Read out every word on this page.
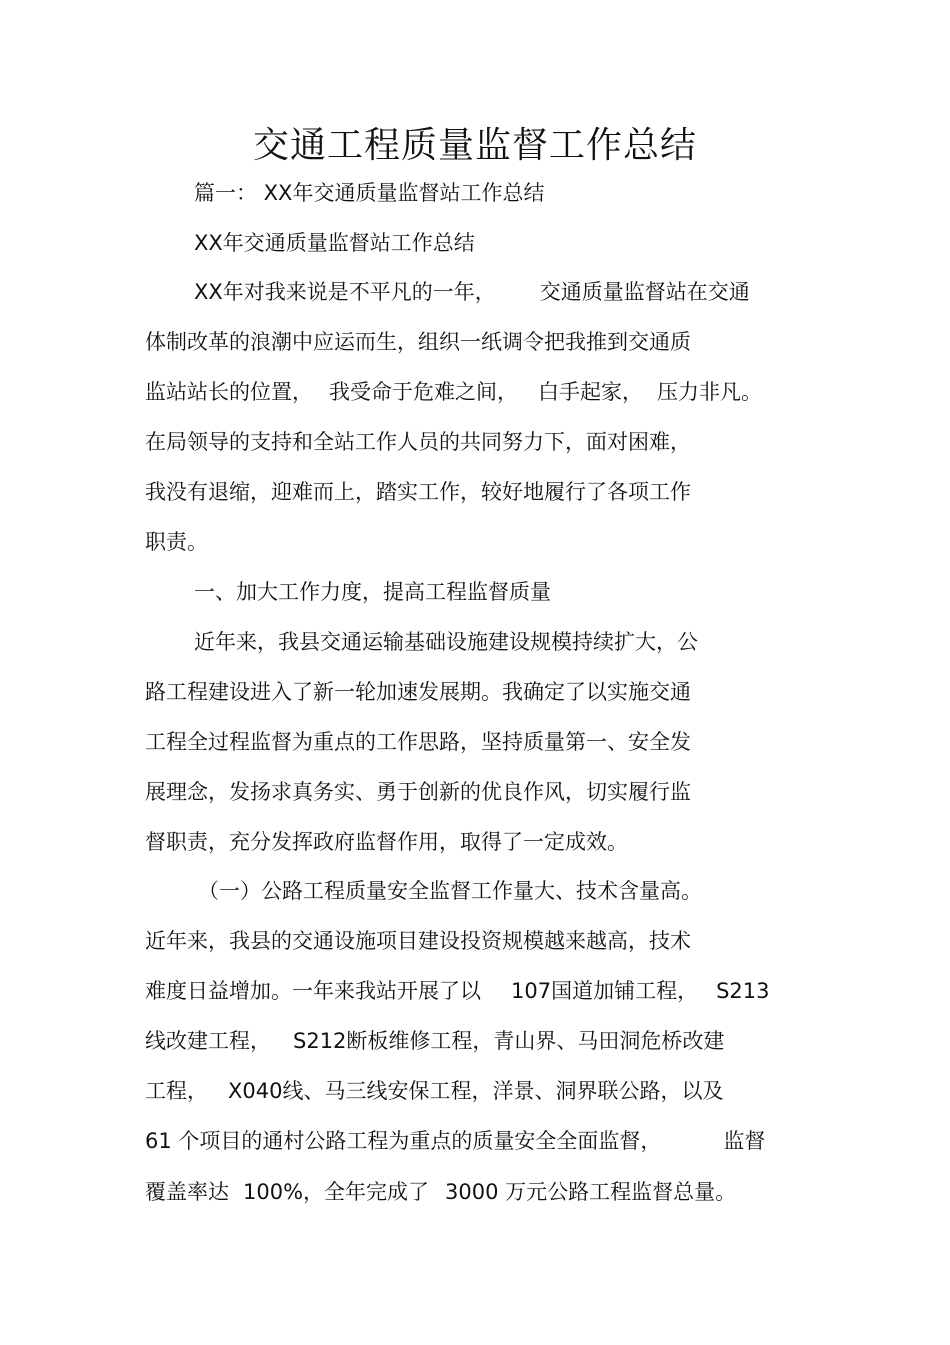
交通工程质量监督工作总结
篇一： XX年交通质量监督站工作总结
XX年交通质量监督站工作总结
XX年对我来说是不平凡的一年， 交通质量监督站在交通
体制改革的浪潮中应运而生，组织一纸调令把我推到交通质
监站站长的位置， 我受命于危难之间， 白手起家， 压力非凡。
在局领导的支持和全站工作人员的共同努力下，面对困难，
我没有退缩，迎难而上，踏实工作，较好地履行了各项工作
职责。
一、加大工作力度，提高工程监督质量
近年来，我县交通运输基础设施建设规模持续扩大，公
路工程建设进入了新一轮加速发展期。我确定了以实施交通
工程全过程监督为重点的工作思路，坚持质量第一、安全发
展理念，发扬求真务实、勇于创新的优良作风，切实履行监
督职责，充分发挥政府监督作用，取得了一定成效。
（一）公路工程质量安全监督工作量大、技术含量高。
近年来，我县的交通设施项目建设投资规模越来越高，技术
难度日益增加。一年来我站开展了以 107国道加铺工程， S213
线改建工程， S212断板维修工程，青山界、马田洞危桥改建
工程， X040线、马三线安保工程，洋景、洞界联公路，以及
61 个项目的通村公路工程为重点的质量安全全面监督，	监督
覆盖率达 100%，全年完成了 3000 万元公路工程监督总量。
